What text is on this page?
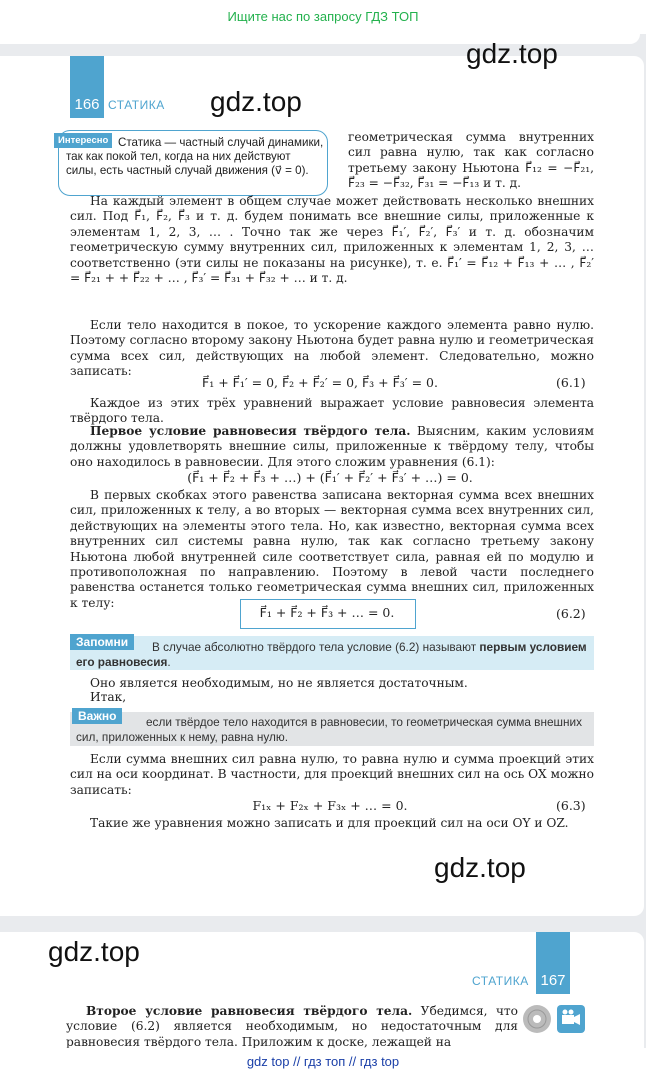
Ищите нас по запросу ГДЗ ТОП
166 СТАТИКА
gdz.top
gdz.top
gdz.top
Интересно Статика — частный случай динамики, так как покой тел, когда на них действуют силы, есть частный случай движения (v⃗ = 0).
геометрическая сумма внутренних сил равна нулю, так как согласно третьему закону Ньютона F⃗₁₂ = −F⃗₂₁, F⃗₂₃ = −F⃗₃₂, F⃗₃₁ = −F⃗₁₃ и т. д.
На каждый элемент в общем случае может действовать несколько внешних сил. Под F⃗₁, F⃗₂, F⃗₃ и т. д. будем понимать все внешние силы, приложенные к элементам 1, 2, 3, … . Точно так же через F⃗₁′, F⃗₂′, F⃗₃′ и т. д. обозначим геометрическую сумму внутренних сил, приложенных к элементам 1, 2, 3, … соответственно (эти силы не показаны на рисунке), т. е. F⃗₁′ = F⃗₁₂ + F⃗₁₃ + … , F⃗₂′ = F⃗₂₁ + + F⃗₂₂ + … , F⃗₃′ = F⃗₃₁ + F⃗₃₂ + … и т. д.
Если тело находится в покое, то ускорение каждого элемента равно нулю. Поэтому согласно второму закону Ньютона будет равна нулю и геометрическая сумма всех сил, действующих на любой элемент. Следовательно, можно записать:
F⃗₁ + F⃗₁′ = 0, F⃗₂ + F⃗₂′ = 0, F⃗₃ + F⃗₃′ = 0.	(6.1)
Каждое из этих трёх уравнений выражает условие равновесия элемента твёрдого тела.
Первое условие равновесия твёрдого тела. Выясним, каким условиям должны удовлетворять внешние силы, приложенные к твёрдому телу, чтобы оно находилось в равновесии. Для этого сложим уравнения (6.1):
(F⃗₁ + F⃗₂ + F⃗₃ + …) + (F⃗₁′ + F⃗₂′ + F⃗₃′ + …) = 0.
В первых скобках этого равенства записана векторная сумма всех внешних сил, приложенных к телу, а во вторых — векторная сумма всех внутренних сил, действующих на элементы этого тела. Но, как известно, векторная сумма всех внутренних сил системы равна нулю, так как согласно третьему закону Ньютона любой внутренней силе соответствует сила, равная ей по модулю и противоположная по направлению. Поэтому в левой части последнего равенства останется только геометрическая сумма внешних сил, приложенных к телу:
F⃗₁ + F⃗₂ + F⃗₃ + … = 0.	(6.2)
Запомни	В случае абсолютно твёрдого тела условие (6.2) называют первым условием его равновесия.
Оно является необходимым, но не является достаточным.
Итак,
Важно	если твёрдое тело находится в равновесии, то геометрическая сумма внешних сил, приложенных к нему, равна нулю.
Если сумма внешних сил равна нулю, то равна нулю и сумма проекций этих сил на оси координат. В частности, для проекций внешних сил на ось OX можно записать:
F₁ₓ + F₂ₓ + F₃ₓ + … = 0.	(6.3)
Такие же уравнения можно записать и для проекций сил на оси OY и OZ.
gdz.top
167
СТАТИКА
Второе условие равновесия твёрдого тела. Убедимся, что условие (6.2) является необходимым, но недостаточным для равновесия твёрдого тела. Приложим к доске, лежащей на
gdz top // гдз топ // гдз top
